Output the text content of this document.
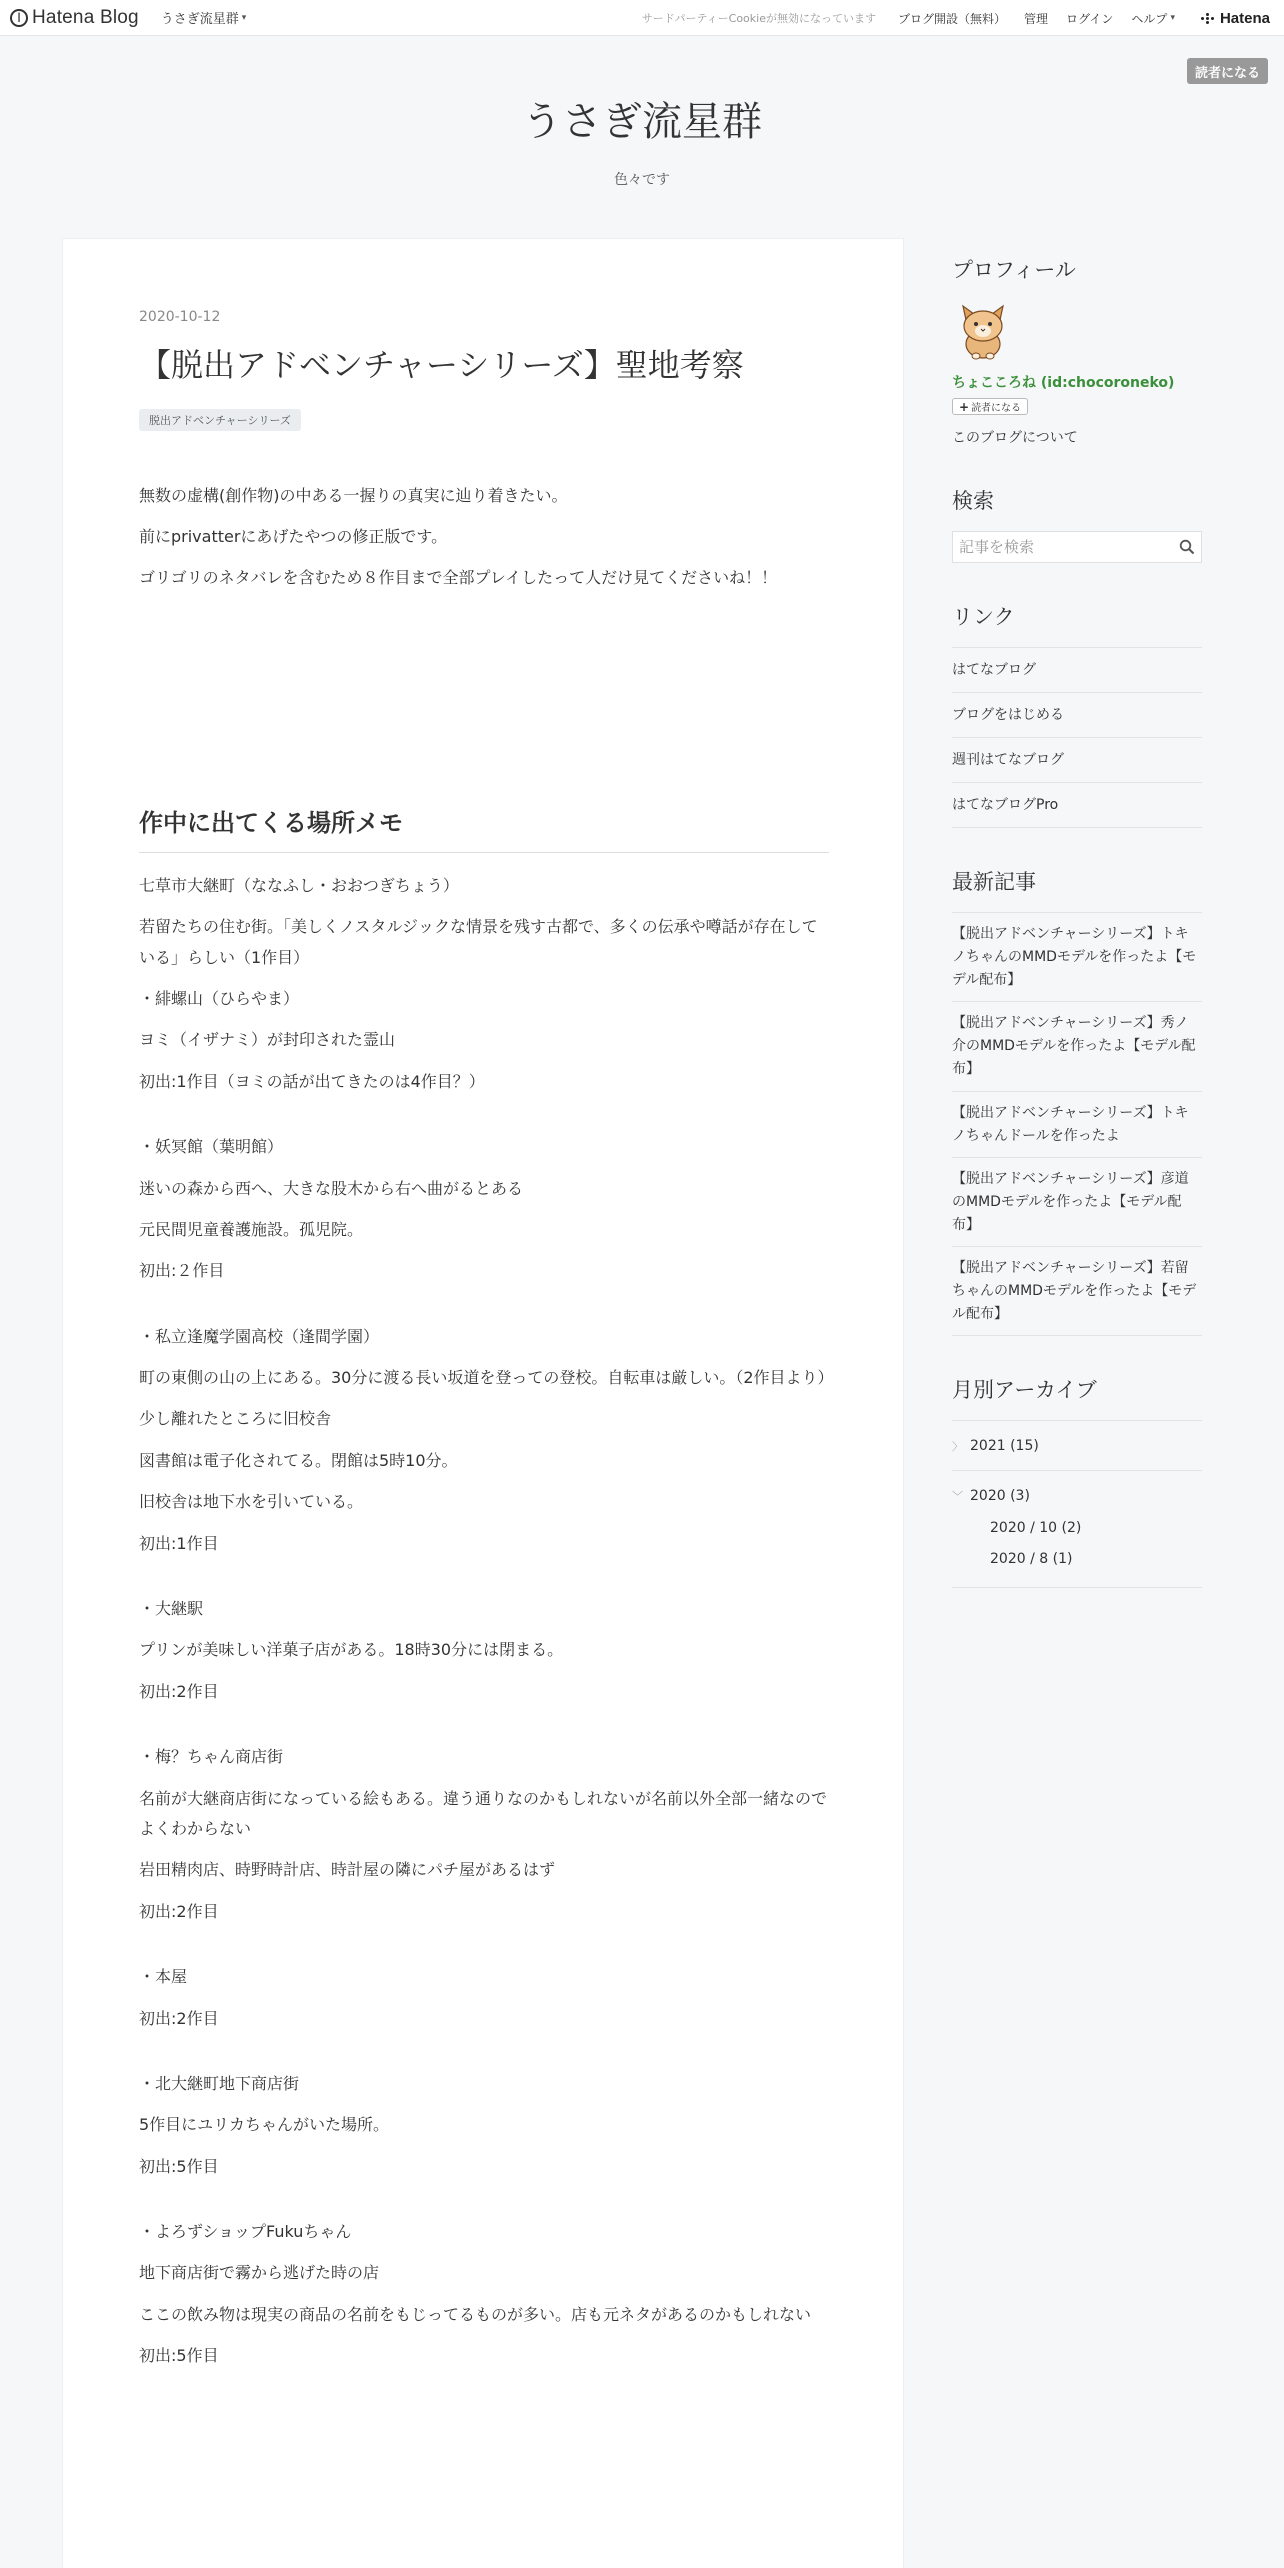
| Hatena Blog うさぎ流星群 ▾	サードパーティーCookieが無効になっています ブログ開設（無料） 管理 ログイン ヘルプ ▾	Hatena
読者になる
うさぎ流星群
色々です
2020-10-12
【脱出アドベンチャーシリーズ】聖地考察
脱出アドベンチャーシリーズ

無数の虚構(創作物)の中ある一握りの真実に辿り着きたい。

前にprivatterにあげたやつの修正版です。

ゴリゴリのネタバレを含むため８作目まで全部プレイしたって人だけ見てくださいね！！

作中に出てくる場所メモ

七草市大継町（ななふし・おおつぎちょう）

若留たちの住む街。「美しくノスタルジックな情景を残す古都で、多くの伝承や噂話が存在している」らしい（1作目）

・緋螺山（ひらやま）

ヨミ（イザナミ）が封印された霊山

初出:1作目（ヨミの話が出てきたのは4作目？）

・妖冥館（葉明館）

迷いの森から西へ、大きな股木から右へ曲がるとある

元民間児童養護施設。孤児院。

初出:２作目

・私立逢魔学園高校（逢間学園）

町の東側の山の上にある。30分に渡る長い坂道を登っての登校。自転車は厳しい。（2作目より）

少し離れたところに旧校舎

図書館は電子化されてる。閉館は5時10分。

旧校舎は地下水を引いている。

初出:1作目

・大継駅

プリンが美味しい洋菓子店がある。18時30分には閉まる。

初出:2作目

・梅？ちゃん商店街

名前が大継商店街になっている絵もある。違う通りなのかもしれないが名前以外全部一緒なのでよくわからない

岩田精肉店、時野時計店、時計屋の隣にパチ屋があるはず

初出:2作目

・本屋

初出:2作目

・北大継町地下商店街

5作目にユリカちゃんがいた場所。

初出:5作目

・よろずショップFukuちゃん

地下商店街で霧から逃げた時の店

ここの飲み物は現実の商品の名前をもじってるものが多い。店も元ネタがあるのかもしれない

初出:5作目

プロフィール
ちょこころね (id:chocoroneko)
+ 読者になる
このブログについて
検索
記事を検索
リンク
はてなブログ
ブログをはじめる
週刊はてなブログ
はてなブログPro
最新記事
【脱出アドベンチャーシリーズ】トキノちゃんのMMDモデルを作ったよ【モデル配布】
【脱出アドベンチャーシリーズ】秀ノ介のMMDモデルを作ったよ【モデル配布】
【脱出アドベンチャーシリーズ】トキノちゃんドールを作ったよ
【脱出アドベンチャーシリーズ】彦道のMMDモデルを作ったよ【モデル配布】
【脱出アドベンチャーシリーズ】若留ちゃんのMMDモデルを作ったよ【モデル配布】
月別アーカイブ
〉 2021 (15)
﹀ 2020 (3)
2020 / 10 (2)
2020 / 8 (1)
